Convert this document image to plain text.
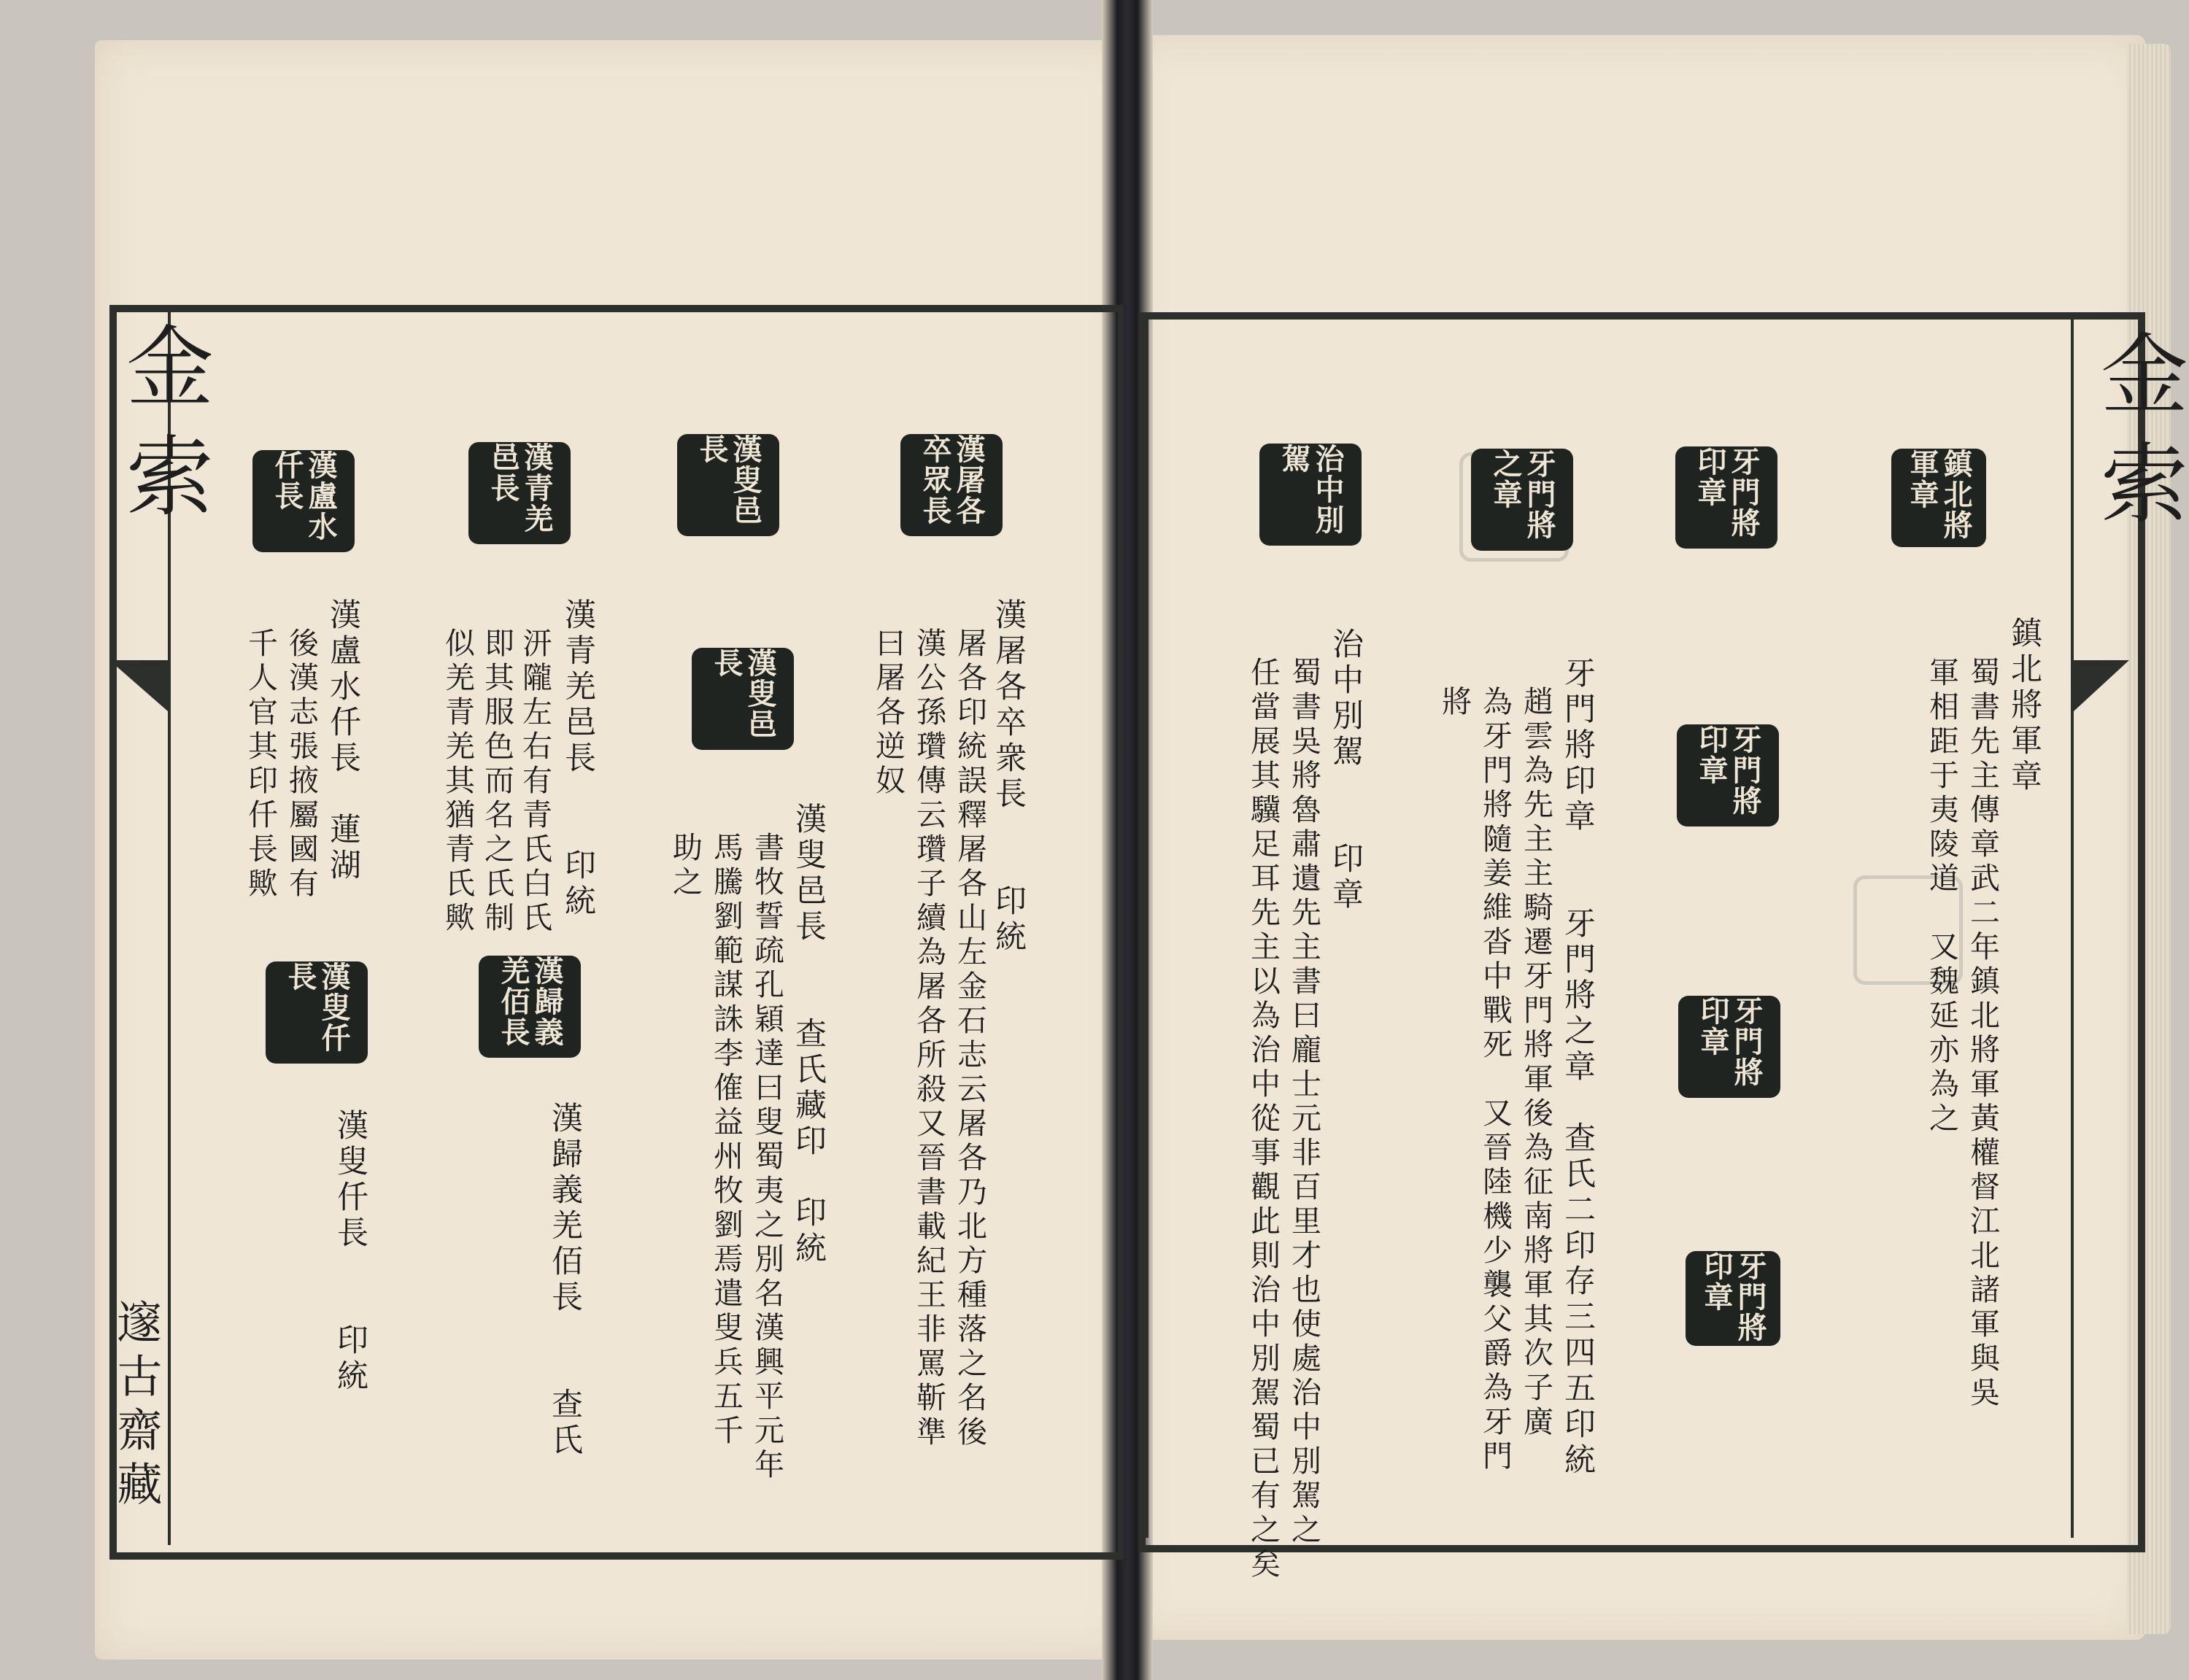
金索
邃古齋藏
漢屠各卒眾長
漢叟邑長
漢叟邑長
漢青羌邑長
漢盧水仟長
漢歸義羌佰長
漢叟仟長
漢屠各卒衆長　　印統
屠各印統誤釋屠各山左金石志云屠各乃北方種落之名後
漢公孫瓚傳云瓚子續為屠各所殺又晉書載紀王非罵靳準
曰屠各逆奴
漢叟邑長　　查氏藏印　印統
書牧誓疏孔穎達曰叟蜀夷之別名漢興平元年
馬騰劉範謀誅李傕益州牧劉焉遣叟兵五千
助之
漢青羌邑長　　印統
汧隴左右有青氏白氏
即其服色而名之氏制
似羌青羌其猶青氏歟
漢歸義羌佰長　　查氏
漢盧水仟長　蓮湖
後漢志張掖屬國有
千人官其印仟長歟
漢叟仟長　　印統
金索
鎮北將軍章
牙門將印章
牙門將之章
治中別駕
牙門將印章
牙門將印章
牙門將印章
鎮北將軍章
蜀書先主傳章武二年鎮北將軍黃權督江北諸軍與吳
軍相距于夷陵道　又魏延亦為之
牙門將印章　　牙門將之章　查氏二印存三四五印統
趙雲為先主主騎遷牙門將軍後為征南將軍其次子廣
為牙門將隨姜維沓中戰死　又晉陸機少襲父爵為牙門
將
治中別駕　　印章
蜀書吳將魯肅遺先主書曰龐士元非百里才也使處治中別駕之
任當展其驥足耳先主以為治中從事觀此則治中別駕蜀已有之矣
